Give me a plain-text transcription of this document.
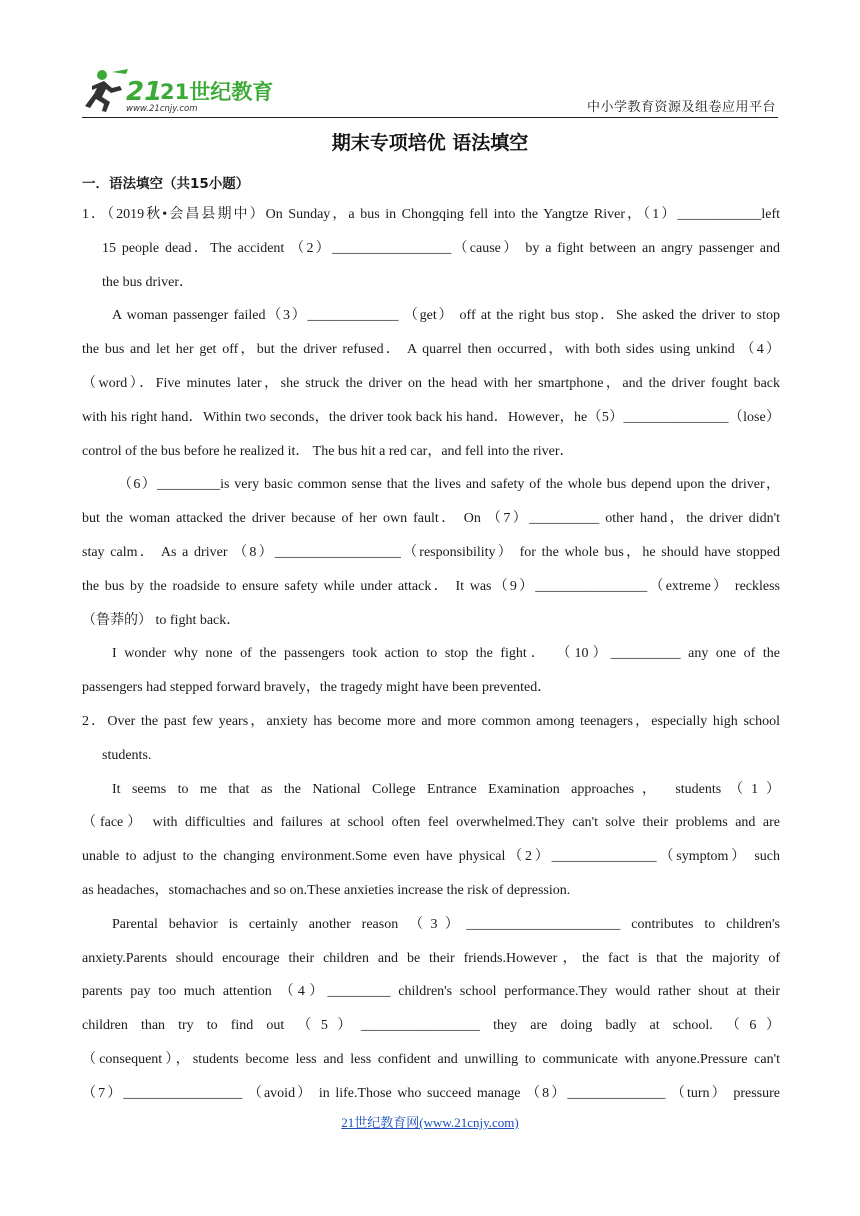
21
21世纪教育
www.21cnjy.com	中小学教育资源及组卷应用平台
期末专项培优 语法填空
一．语法填空（共15小题）
1．（2019秋•会昌县期中）On Sunday，a bus in Chongqing fell into the Yangtze River，（1）____________left
15 people dead．The accident （2）_________________（cause） by a fight between an angry passenger and
the bus driver．
A woman passenger failed（3）_____________ （get） off at the right bus stop．She asked the driver to stop
the bus and let her get off，but the driver refused． A quarrel then occurred，with both sides using unkind （4）
（word）．Five minutes later，she struck the driver on the head with her smartphone，and the driver fought back
with his right hand．Within two seconds，the driver took back his hand．However，he（5）_______________（lose）
control of the bus before he realized it． The bus hit a red car，and fell into the river．
（6）_________is very basic common sense that the lives and safety of the whole bus depend upon the driver，
but the woman attacked the driver because of her own fault． On （7）__________ other hand，the driver didn't
stay calm． As a driver （8）__________________（responsibility） for the whole bus，he should have stopped
the bus by the roadside to ensure safety while under attack． It was（9）________________（extreme） reckless
（鲁莽的） to fight back．
I wonder why none of the passengers took action to stop the fight． （10）__________ any one of the
passengers had stepped forward bravely，the tragedy might have been prevented．
2．Over the past few years，anxiety has become more and more common among teenagers，especially high school
students.
It seems to me that as the National College Entrance Examination approaches， students（1）
（face） with difficulties and failures at school often feel overwhelmed.They can't solve their problems and are
unable to adjust to the changing environment.Some even have physical（2）_______________（symptom） such
as headaches，stomachaches and so on.These anxieties increase the risk of depression.
Parental behavior is certainly another reason （3）______________________ contributes to children's
anxiety.Parents should encourage their children and be their friends.However，the fact is that the majority of
parents pay too much attention （4）_________ children's school performance.They would rather shout at their
children than try to find out （5）_________________ they are doing badly at school. （6）
（consequent），students become less and less confident and unwilling to communicate with anyone.Pressure can't
（7）_________________ （avoid） in life.Those who succeed manage （8）______________ （turn） pressure
21世纪教育网(www.21cnjy.com)
